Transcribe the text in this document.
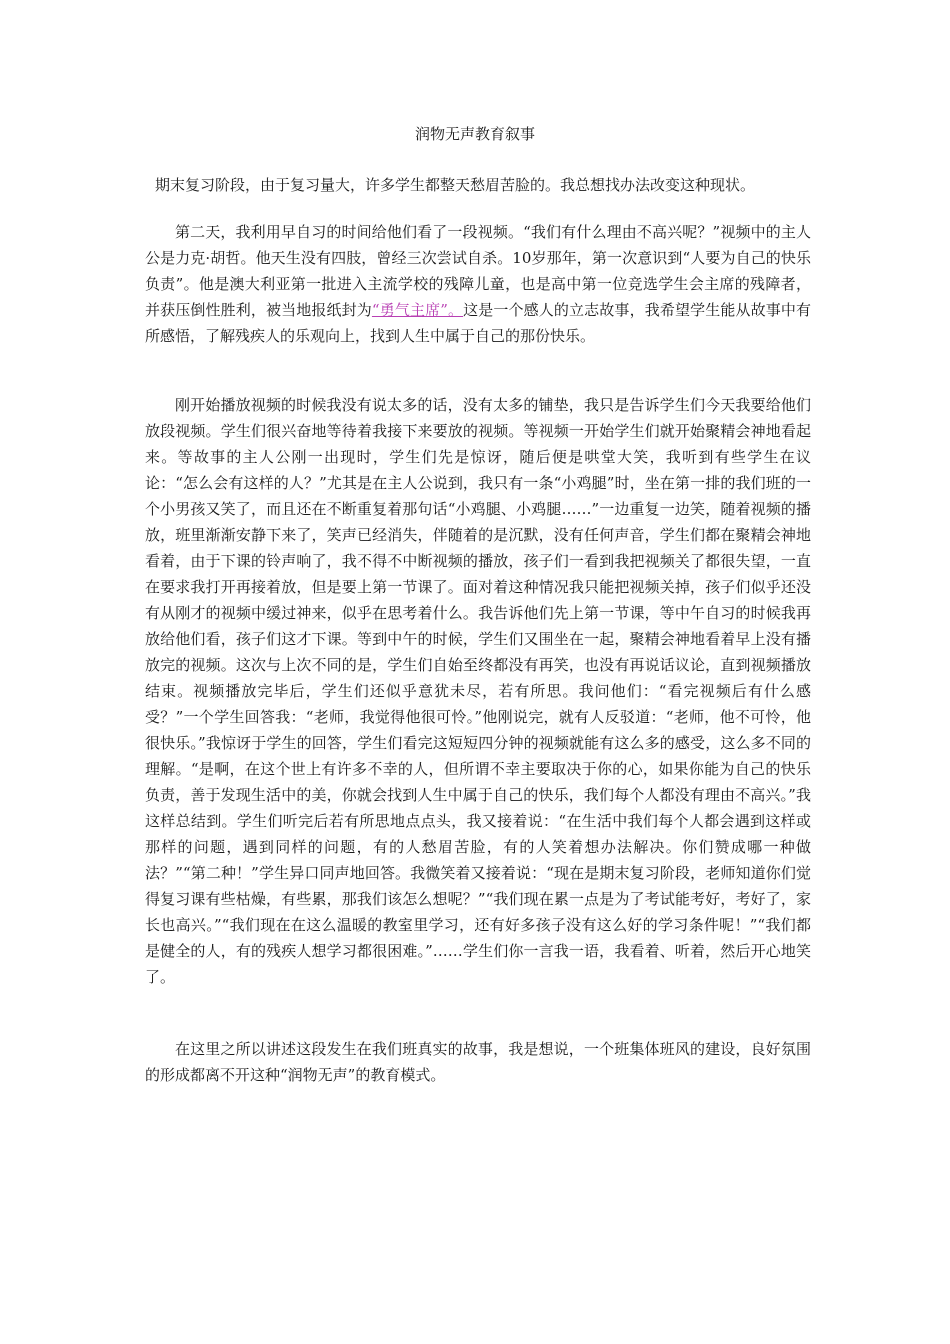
润物无声教育叙事

期末复习阶段，由于复习量大，许多学生都整天愁眉苦脸的。我总想找办法改变这种现状。

第二天，我利用早自习的时间给他们看了一段视频。“我们有什么理由不高兴呢？”视频中的主人公是力克·胡哲。他天生没有四肢，曾经三次尝试自杀。10岁那年，第一次意识到“人要为自己的快乐负责”。他是澳大利亚第一批进入主流学校的残障儿童，也是高中第一位竞选学生会主席的残障者，并获压倒性胜利，被当地报纸封为“勇气主席”。这是一个感人的立志故事，我希望学生能从故事中有所感悟，了解残疾人的乐观向上，找到人生中属于自己的那份快乐。

刚开始播放视频的时候我没有说太多的话，没有太多的铺垫，我只是告诉学生们今天我要给他们放段视频。学生们很兴奋地等待着我接下来要放的视频。等视频一开始学生们就开始聚精会神地看起来。等故事的主人公刚一出现时，学生们先是惊讶，随后便是哄堂大笑，我听到有些学生在议论：“怎么会有这样的人？”尤其是在主人公说到，我只有一条“小鸡腿”时，坐在第一排的我们班的一个小男孩又笑了，而且还在不断重复着那句话“小鸡腿、小鸡腿……”一边重复一边笑，随着视频的播放，班里渐渐安静下来了，笑声已经消失，伴随着的是沉默，没有任何声音，学生们都在聚精会神地看着，由于下课的铃声响了，我不得不中断视频的播放，孩子们一看到我把视频关了都很失望，一直在要求我打开再接着放，但是要上第一节课了。面对着这种情况我只能把视频关掉，孩子们似乎还没有从刚才的视频中缓过神来，似乎在思考着什么。我告诉他们先上第一节课，等中午自习的时候我再放给他们看，孩子们这才下课。等到中午的时候，学生们又围坐在一起，聚精会神地看着早上没有播放完的视频。这次与上次不同的是，学生们自始至终都没有再笑，也没有再说话议论，直到视频播放结束。视频播放完毕后，学生们还似乎意犹未尽，若有所思。我问他们：“看完视频后有什么感受？”一个学生回答我：“老师，我觉得他很可怜。”他刚说完，就有人反驳道：“老师，他不可怜，他很快乐。”我惊讶于学生的回答，学生们看完这短短四分钟的视频就能有这么多的感受，这么多不同的理解。“是啊，在这个世上有许多不幸的人，但所谓不幸主要取决于你的心，如果你能为自己的快乐负责，善于发现生活中的美，你就会找到人生中属于自己的快乐，我们每个人都没有理由不高兴。”我这样总结到。学生们听完后若有所思地点点头，我又接着说：“在生活中我们每个人都会遇到这样或那样的问题，遇到同样的问题，有的人愁眉苦脸，有的人笑着想办法解决。你们赞成哪一种做法？”“第二种！”学生异口同声地回答。我微笑着又接着说：“现在是期末复习阶段，老师知道你们觉得复习课有些枯燥，有些累，那我们该怎么想呢？”“我们现在累一点是为了考试能考好，考好了，家长也高兴。”“我们现在在这么温暖的教室里学习，还有好多孩子没有这么好的学习条件呢！”“我们都是健全的人，有的残疾人想学习都很困难。”……学生们你一言我一语，我看着、听着，然后开心地笑了。

在这里之所以讲述这段发生在我们班真实的故事，我是想说，一个班集体班风的建设，良好氛围的形成都离不开这种“润物无声”的教育模式。
